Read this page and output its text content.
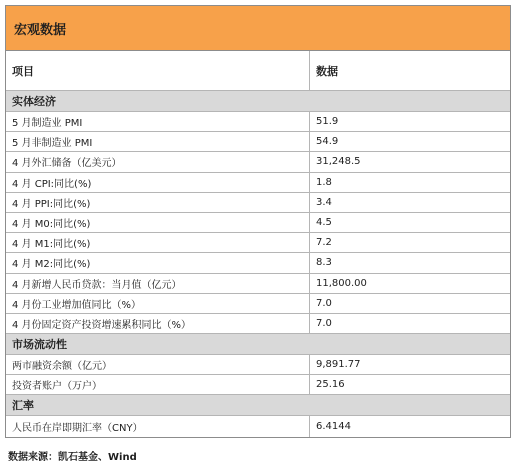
宏观数据
项目	数据
实体经济
5 月制造业 PMI	51.9
5 月非制造业 PMI	54.9
4 月外汇储备（亿美元）	31,248.5
4 月 CPI:同比(%)	1.8
4 月 PPI:同比(%)	3.4
4 月 M0:同比(%)	4.5
4 月 M1:同比(%)	7.2
4 月 M2:同比(%)	8.3
4 月新增人民币贷款：当月值（亿元）	11,800.00
4 月份工业增加值同比（%）	7.0
4 月份固定资产投资增速累积同比（%）	7.0
市场流动性
两市融资余额（亿元）	9,891.77
投资者账户（万户）	25.16
汇率
人民币在岸即期汇率（CNY）	6.4144
数据来源：凯石基金、Wind
